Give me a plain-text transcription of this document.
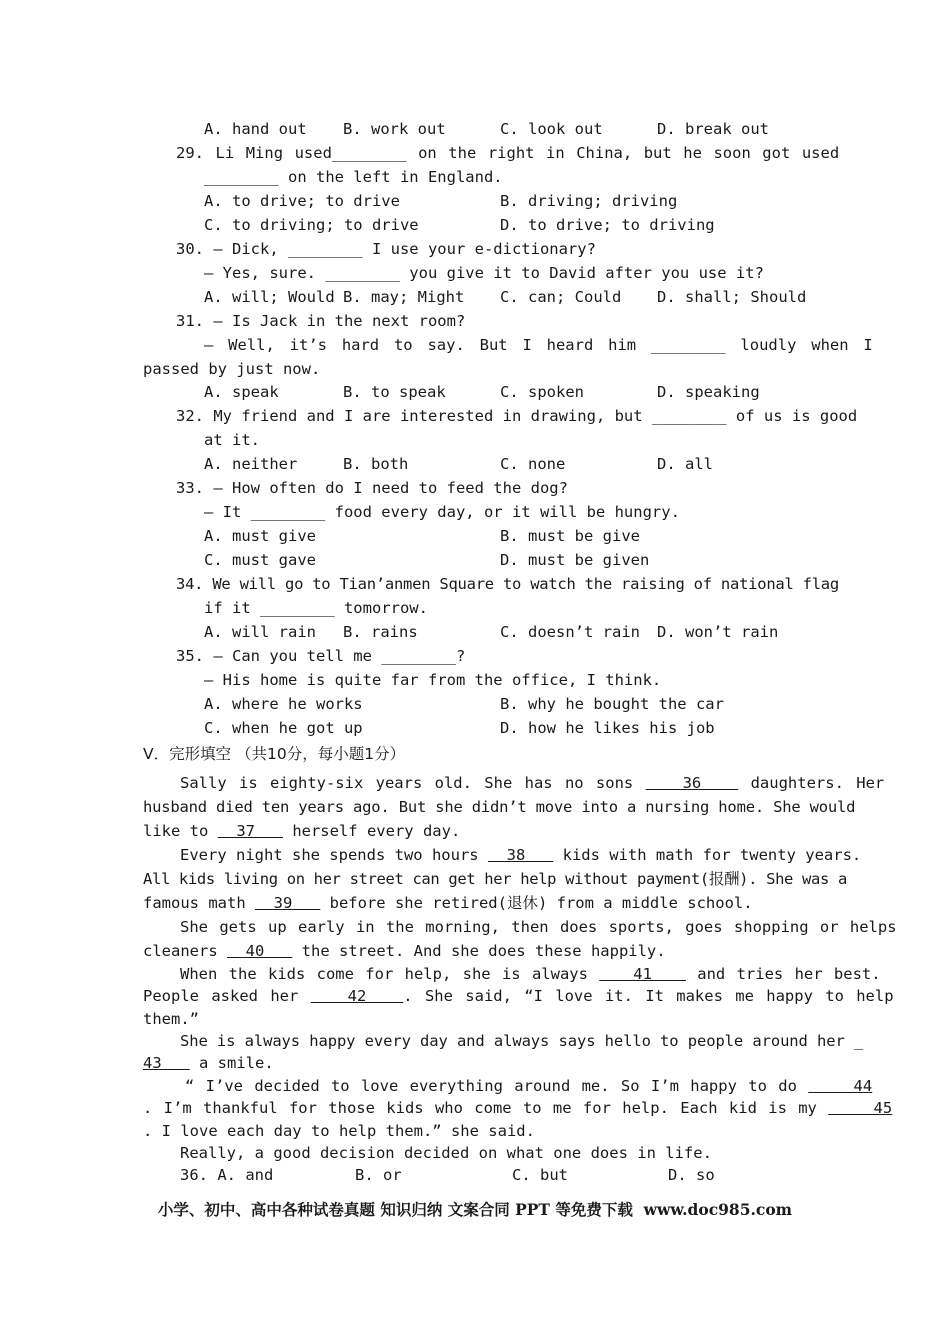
A. hand out B. work out	C. look out	D. break out
29. Li Ming used________ on the right in China, but he soon got used
________ on the left in England.
A. to drive; to drive	B. driving; driving
C. to driving; to drive	D. to drive; to driving
30. — Dick, ________ I use your e-dictionary?
— Yes, sure. ________ you give it to David after you use it?
A. will; Would B. may; Might C. can; Could D. shall; Should
31. — Is Jack in the next room?
— Well, it’s hard to say. But I heard him ________ loudly when I
passed by just now.
A. speak	B. to speak	C. spoken	D. speaking
32. My friend and I are interested in drawing, but ________ of us is good
at it.
A. neither	B. both	C. none	D. all
33. — How often do I need to feed the dog?
— It ________ food every day, or it will be hungry.
A. must give	B. must be give
C. must gave	D. must be given
34. We will go to Tian’anmen Square to watch the raising of national flag
if it ________ tomorrow.
A. will rain B. rains	C. doesn’t rain D. won’t rain
35. — Can you tell me ________?
— His home is quite far from the office, I think.
A. where he works	B. why he bought the car
C. when he got up	D. how he likes his job
V．完形填空 （共10分，每小题1分）
Sally is eighty-six years old. She has no sons    36    daughters. Her
husband died ten years ago. But she didn’t move into a nursing home. She would
like to   37    herself every day.
Every night she spends two hours   38    kids with math for twenty years.
All kids living on her street can get her help without payment(报酬). She was a
famous math   39    before she retired(退休) from a middle school.
She gets up early in the morning, then does sports, goes shopping or helps
cleaners   40    the street. And she does these happily.
When the kids come for help, she is always    41    and tries her best.
People asked her    42   . She said, “I love it. It makes me happy to help
them.”
She is always happy every day and always says hello to people around her _
43    a smile.
“ I’ve decided to love everything around me. So I’m happy to do     44
. I’m thankful for those kids who come to me for help. Each kid is my     45
. I love each day to help them.” she said.
Really, a good decision decided on what one does in life.
36. A. and	B. or	C. but	D. so
小学、初中、高中各种试卷真题 知识归纳 文案合同 PPT 等免费下载  www.doc985.com
